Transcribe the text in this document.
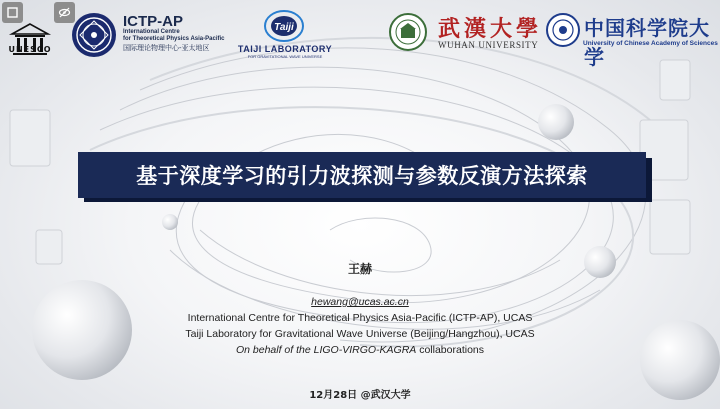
UNESCO
ICTP-AP
International Centre
for Theoretical Physics Asia-Pacific
国际理论物理中心-亚太地区
Taiji
TAIJI LABORATORY
FOR GRAVITATIONAL WAVE UNIVERSE
武漢大學
WUHAN UNIVERSITY
中国科学院大学
University of Chinese Academy of Sciences
基于深度学习的引力波探测与参数反演方法探索
王赫
hewang@ucas.ac.cn
International Centre for Theoretical Physics Asia-Pacific (ICTP-AP), UCAS
Taiji Laboratory for Gravitational Wave Universe (Beijing/Hangzhou), UCAS
On behalf of the LIGO-VIRGO-KAGRA collaborations
12月28日 @武汉大学
